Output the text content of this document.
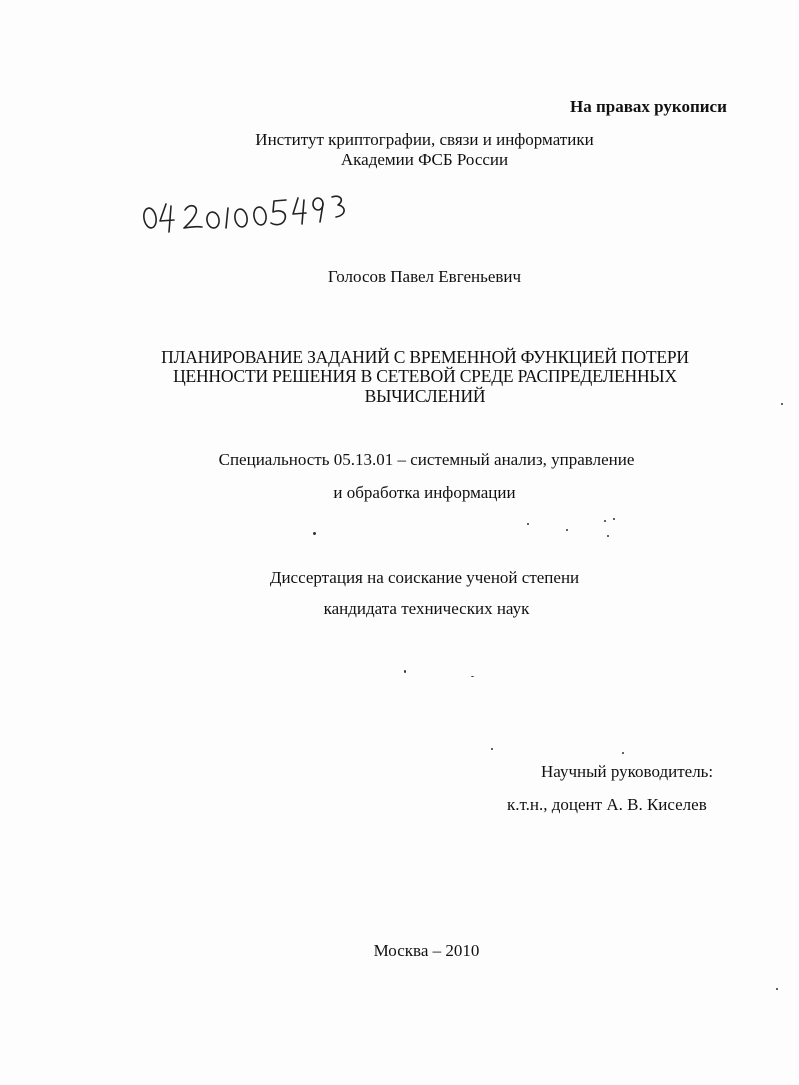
На правах рукописи
Институт криптографии, связи и информатики
Академии ФСБ России
Голосов Павел Евгеньевич
ПЛАНИРОВАНИЕ ЗАДАНИЙ С ВРЕМЕННОЙ ФУНКЦИЕЙ ПОТЕРИ
ЦЕННОСТИ РЕШЕНИЯ В СЕТЕВОЙ СРЕДЕ РАСПРЕДЕЛЕННЫХ
ВЫЧИСЛЕНИЙ
Специальность 05.13.01 – системный анализ, управление
и обработка информации
Диссертация на соискание ученой степени
кандидата технических наук
Научный руководитель:
к.т.н., доцент А. В. Киселев
Москва – 2010
